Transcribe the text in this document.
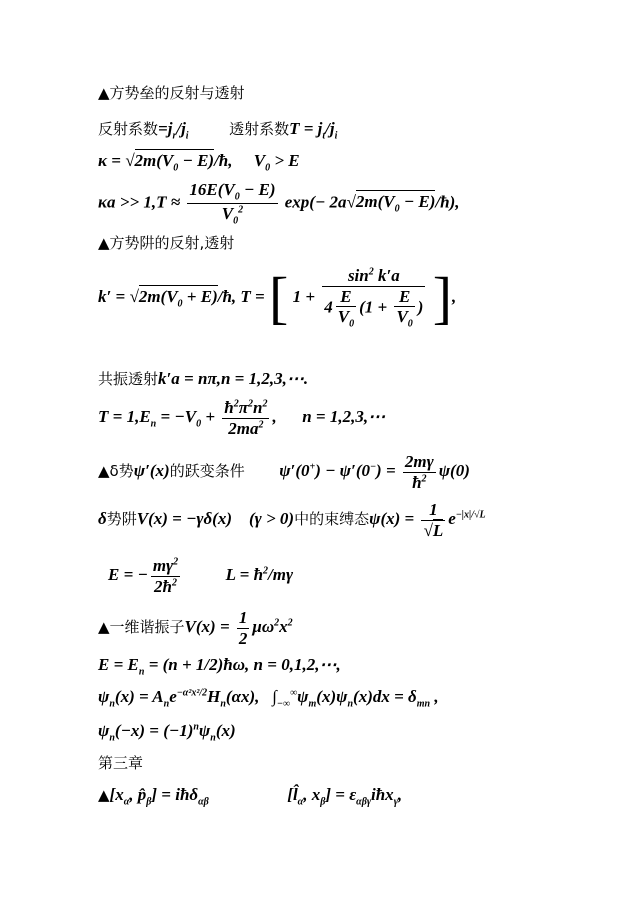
▲方势垒的反射与透射
反射系数$=j_r/j_i$	透射系数$T = j_t/j_i$
$\kappa = √2m(V_0$ − E)/ħ,     $V_0 > E$
$\kappa a >> 1,T \approx \frac{16E(V_0 - E)}{V_0^2} \exp(- 2a√2m(V_0$ − E)/ħ),
▲方势阱的反射,透射
$k' = √2m(V_0$ + E)/ħ, T = [ $1 + \frac{\sin^2 k'a}{4 \frac{E}{V_0} (1 + \frac{E}{V_0} )}$ ],
共振透射k′a = nπ,n = 1,2,3,⋯.
$T = 1,E_n = -V_0 + \frac{ħ^2\pi^2n^2}{2ma^2}$ ,      n = 1,2,3,⋯
▲δ势ψ′(x)的跃变条件 $\psi'(0^+) - \psi'(0^-) = \frac{2m\gamma}{ħ^2} \psi(0)$
δ势阱V(x) = −γδ(x)    (γ > 0)中的束缚态$\psi(x) = \frac{1}{√L} e^{-|x|/√L}$
E = − $\frac{m\gamma^2}{2ħ^2}$ $L = ħ^2/m\gamma$
▲一维谐振子$V(x) = \frac{1}{2} \mu\omega^2x^2$
$E = E_n = (n$ + 1/2)ħω, n = 0,1,2,⋯,
$\psi_n(x) = A_ne^{-\alpha^2x^2/2}H_n(\alpha x)$,   $\int_{-\infty}^\infty\psi_m(x)\psi_n(x)dx = \delta_{mn}$ ,
$\psi_n(-x) = (-1)^n\psi_n(x)$
第三章
$▲[x_\alpha$, $p̂_\beta$] = iħδ$_{\alpha\beta}$	[$l̂_\alpha$, $x_\beta$] = $\varepsilon_{\alpha\beta\gamma}iħx_\gamma$,
